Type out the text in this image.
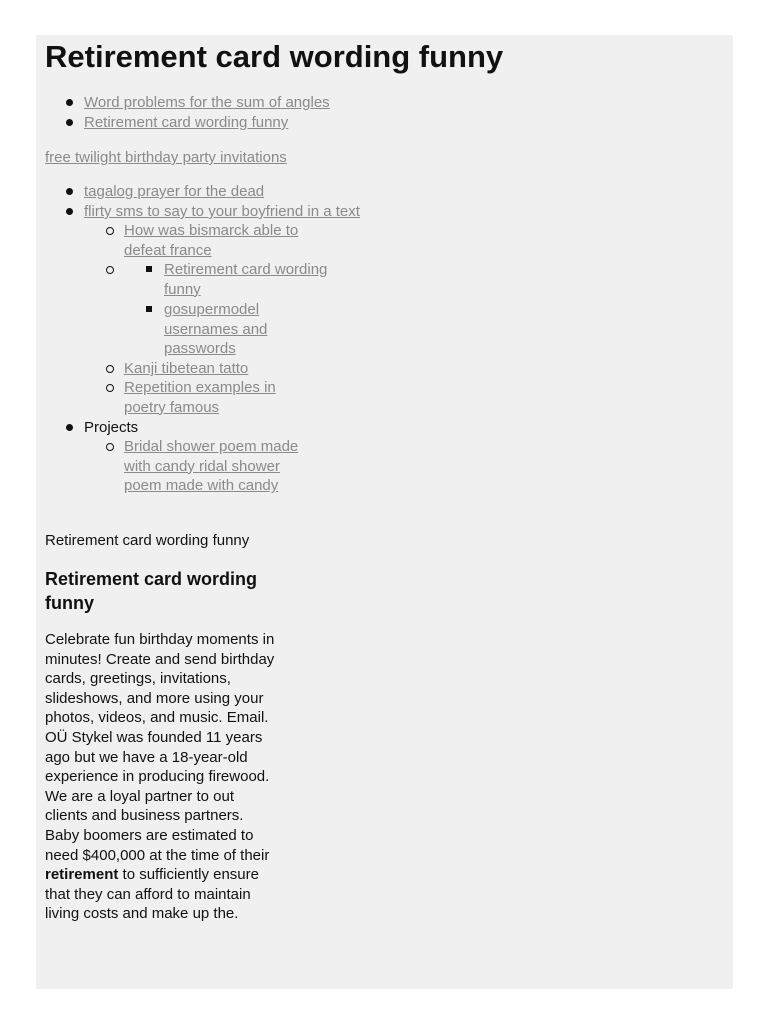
Retirement card wording funny
Word problems for the sum of angles
Retirement card wording funny
free twilight birthday party invitations
tagalog prayer for the dead
flirty sms to say to your boyfriend in a text
How was bismarck able to defeat france
Retirement card wording funny
gosupermodel usernames and passwords
Kanji tibetean tatto
Repetition examples in poetry famous
Projects
Bridal shower poem made with candy ridal shower poem made with candy
Retirement card wording funny
Retirement card wording funny

Celebrate fun birthday moments in minutes! Create and send birthday cards, greetings, invitations, slideshows, and more using your photos, videos, and music. Email. OÜ Stykel was founded 11 years ago but we have a 18-year-old experience in producing firewood. We are a loyal partner to out clients and business partners. Baby boomers are estimated to need $400,000 at the time of their retirement to sufficiently ensure that they can afford to maintain living costs and make up the.
